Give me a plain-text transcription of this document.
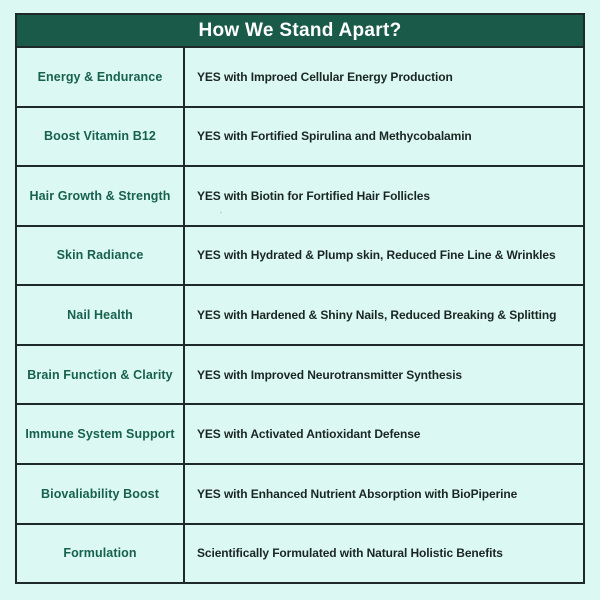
How We Stand Apart?
Energy & Endurance	YES with Improed Cellular Energy Production
Boost Vitamin B12	YES with Fortified Spirulina and Methycobalamin
Hair Growth & Strength YES with Biotin for Fortified Hair Follicles
▪
Skin Radiance	YES with Hydrated & Plump skin, Reduced Fine Line & Wrinkles
Nail Health	YES with Hardened & Shiny Nails, Reduced Breaking & Splitting
Brain Function & Clarity YES with Improved Neurotransmitter Synthesis
Immune System Support YES with Activated Antioxidant Defense
Biovaliability Boost	YES with Enhanced Nutrient Absorption with BioPiperine
Formulation	Scientifically Formulated with Natural Holistic Benefits
